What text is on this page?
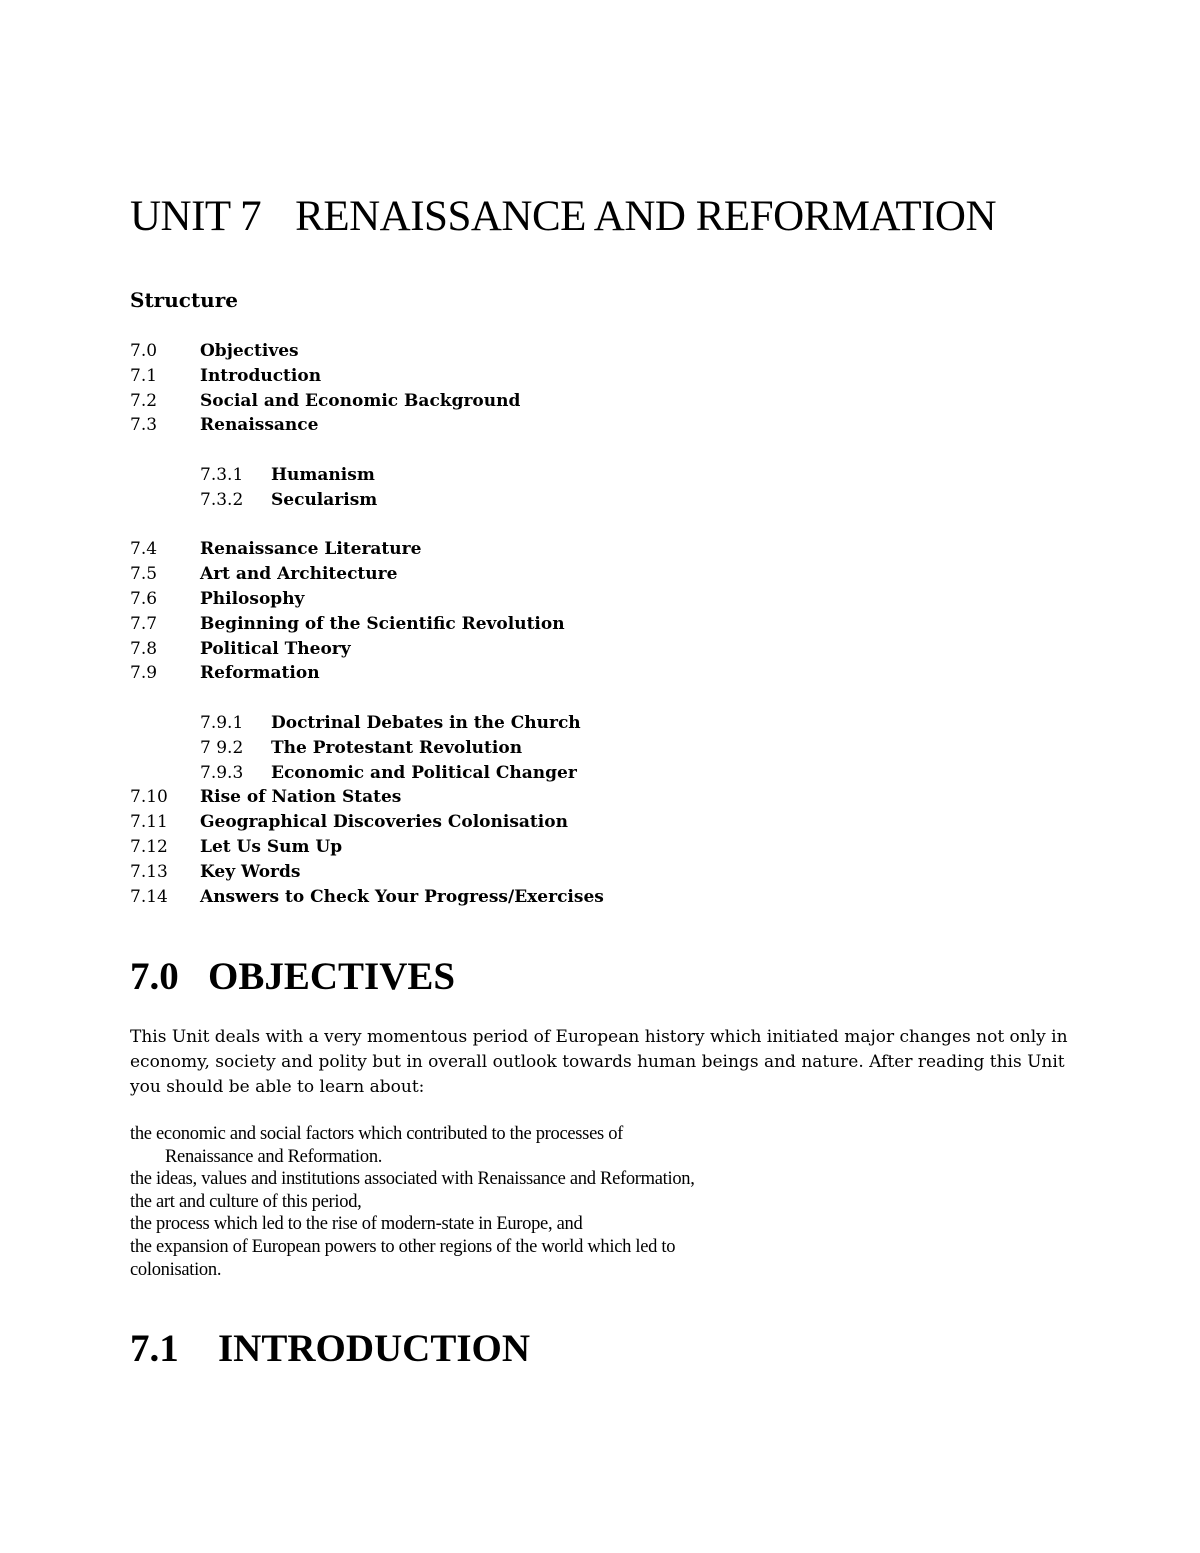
UNIT 7 RENAISSANCE AND REFORMATION
Structure
7.0	Objectives
7.1	Introduction
7.2	Social and Economic Background
7.3	Renaissance
7.3.1 Humanism
7.3.2 Secularism
7.4	Renaissance Literature
7.5	Art and Architecture
7.6	Philosophy
7.7	Beginning of the Scientific Revolution
7.8	Political Theory
7.9	Reformation
7.9.1 Doctrinal Debates in the Church
7 9.2 The Protestant Revolution
7.9.3 Economic and Political Changer
7.10 Rise of Nation States
7.11 Geographical Discoveries Colonisation
7.12 Let Us Sum Up
7.13 Key Words
7.14 Answers to Check Your Progress/Exercises
7.0 OBJECTIVES

This Unit deals with a very momentous period of European history which initiated major changes not only in economy, society and polity but in overall outlook towards human beings and nature. After reading this Unit you should be able to learn about:

the economic and social factors which contributed to the processes of
Renaissance and Reformation.
the ideas, values and institutions associated with Renaissance and Reformation,
the art and culture of this period,
the process which led to the rise of modern-state in Europe, and
the expansion of European powers to other regions of the world which led to
colonisation.
7.1 INTRODUCTION
